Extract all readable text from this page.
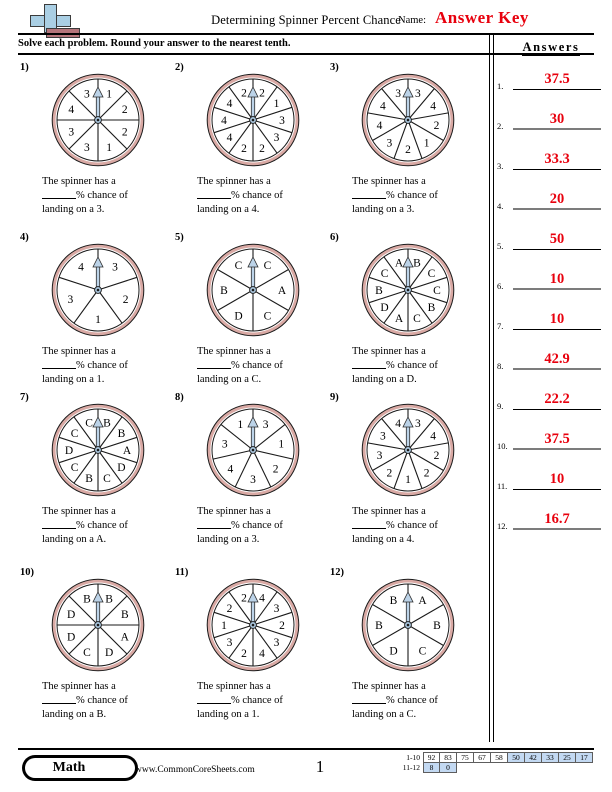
Determining Spinner Percent Chance
Name: Answer Key
Solve each problem. Round your answer to the nearest tenth.	Answers
1.	37.5
2.	30
3.	33.3
4.	20
5.	50
6.	10
7.	10
8.	42.9
9.	22.2
10.	37.5
11.	10
12.	16.7
1)
1
2
2
1
3
3
4
3
The spinner has a
% chance of
landing on a 3.
2)
2
1
3
3
2
2
4
4
4
2
The spinner has a
% chance of
landing on a 4.
3)
3
4
2
1
2
3
4
4
3
The spinner has a
% chance of
landing on a 3.
4)
3
2
1
3
4
The spinner has a
% chance of
landing on a 1.
5)
C
A
C
D
B
C
The spinner has a
% chance of
landing on a C.
6)
B
C
C
B
C
A
D
B
C
A
The spinner has a
% chance of
landing on a D.
7)
B
B
A
D
C
B
C
D
C
C
The spinner has a
% chance of
landing on a A.
8)
3
1
2
3
4
3
1
The spinner has a
% chance of
landing on a 3.
9)
3
4
2
2
1
2
3
3
4
The spinner has a
% chance of
landing on a 4.
10)
B
B
A
D
C
D
D
B
The spinner has a
% chance of
landing on a B.
11)
4
3
2
3
4
2
3
1
2
2
The spinner has a
% chance of
landing on a 1.
12)
A
B
C
D
B
B
The spinner has a
% chance of
landing on a C.
Math	www.CommonCoreSheets.com	1	1-10	92	83	75	67	58	50	42	33	25	17
11-12	8	0
